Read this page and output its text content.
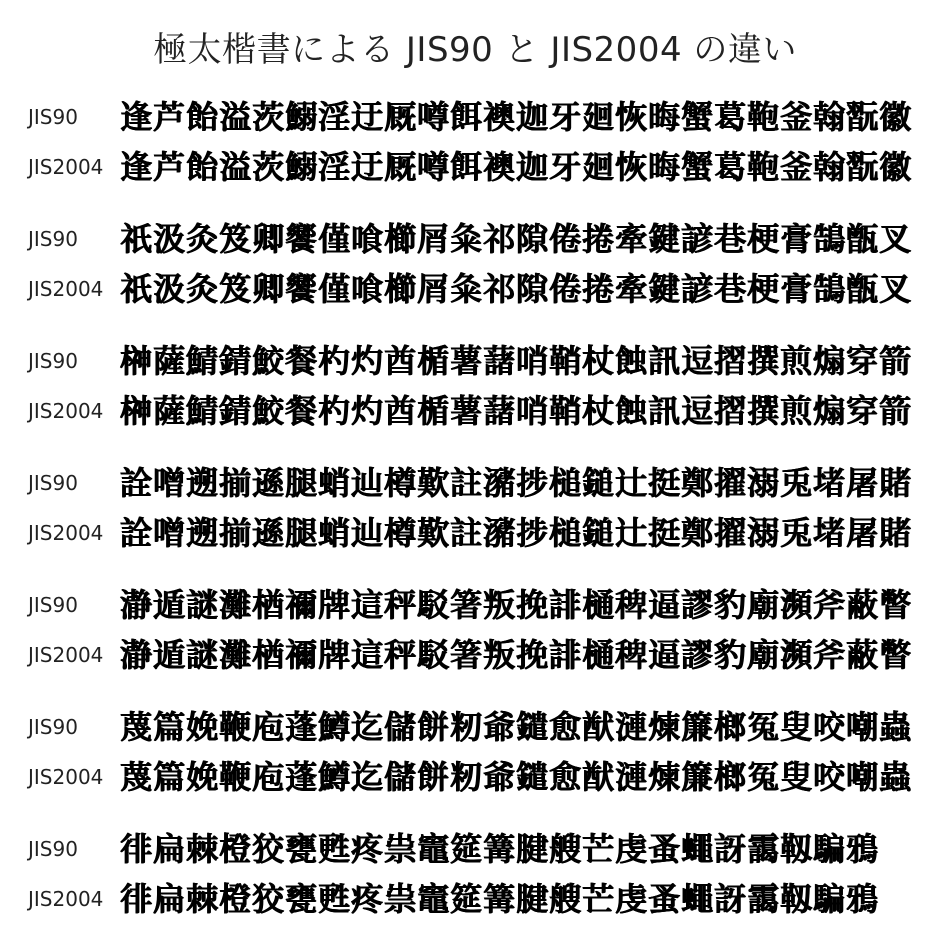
極太楷書による JIS90 と JIS2004 の違い
JIS90	逢芦飴溢茨鰯淫迂厩噂餌襖迦牙廻恢晦蟹葛鞄釜翰翫徽
JIS2004 逢芦飴溢茨鰯淫迂厩噂餌襖迦牙廻恢晦蟹葛鞄釜翰翫徽
JIS90	祇汲灸笈卿饗僅喰櫛屑粂祁隙倦捲牽鍵諺巷梗膏鵠甑叉
JIS2004 祇汲灸笈卿饗僅喰櫛屑粂祁隙倦捲牽鍵諺巷梗膏鵠甑叉
JIS90	榊薩鯖錆鮫餐杓灼酋楯薯藷哨鞘杖蝕訊逗摺撰煎煽穿箭
JIS2004 榊薩鯖錆鮫餐杓灼酋楯薯藷哨鞘杖蝕訊逗摺撰煎煽穿箭
JIS90	詮噌遡揃遜腿蛸辿樽歎註瀦捗槌鎚辻挺鄭擢溺兎堵屠賭
JIS2004 詮噌遡揃遜腿蛸辿樽歎註瀦捗槌鎚辻挺鄭擢溺兎堵屠賭
JIS90	瀞遁謎灘楢禰牌這秤駁箸叛挽誹樋稗逼謬豹廟瀕斧蔽瞥
JIS2004 瀞遁謎灘楢禰牌這秤駁箸叛挽誹樋稗逼謬豹廟瀕斧蔽瞥
JIS90	蔑篇娩鞭庖蓬鱒迄儲餅籾爺鑓愈猷漣煉簾榔冤叟咬嘲蟲
JIS2004 蔑篇娩鞭庖蓬鱒迄儲餅籾爺鑓愈猷漣煉簾榔冤叟咬嘲蟲
JIS90	徘扁棘橙狡甕甦疼祟竈筵篝腱艘芒虔蚤蠅訝靄靱騙鴉
JIS2004 徘扁棘橙狡甕甦疼祟竈筵篝腱艘芒虔蚤蠅訝靄靱騙鴉
